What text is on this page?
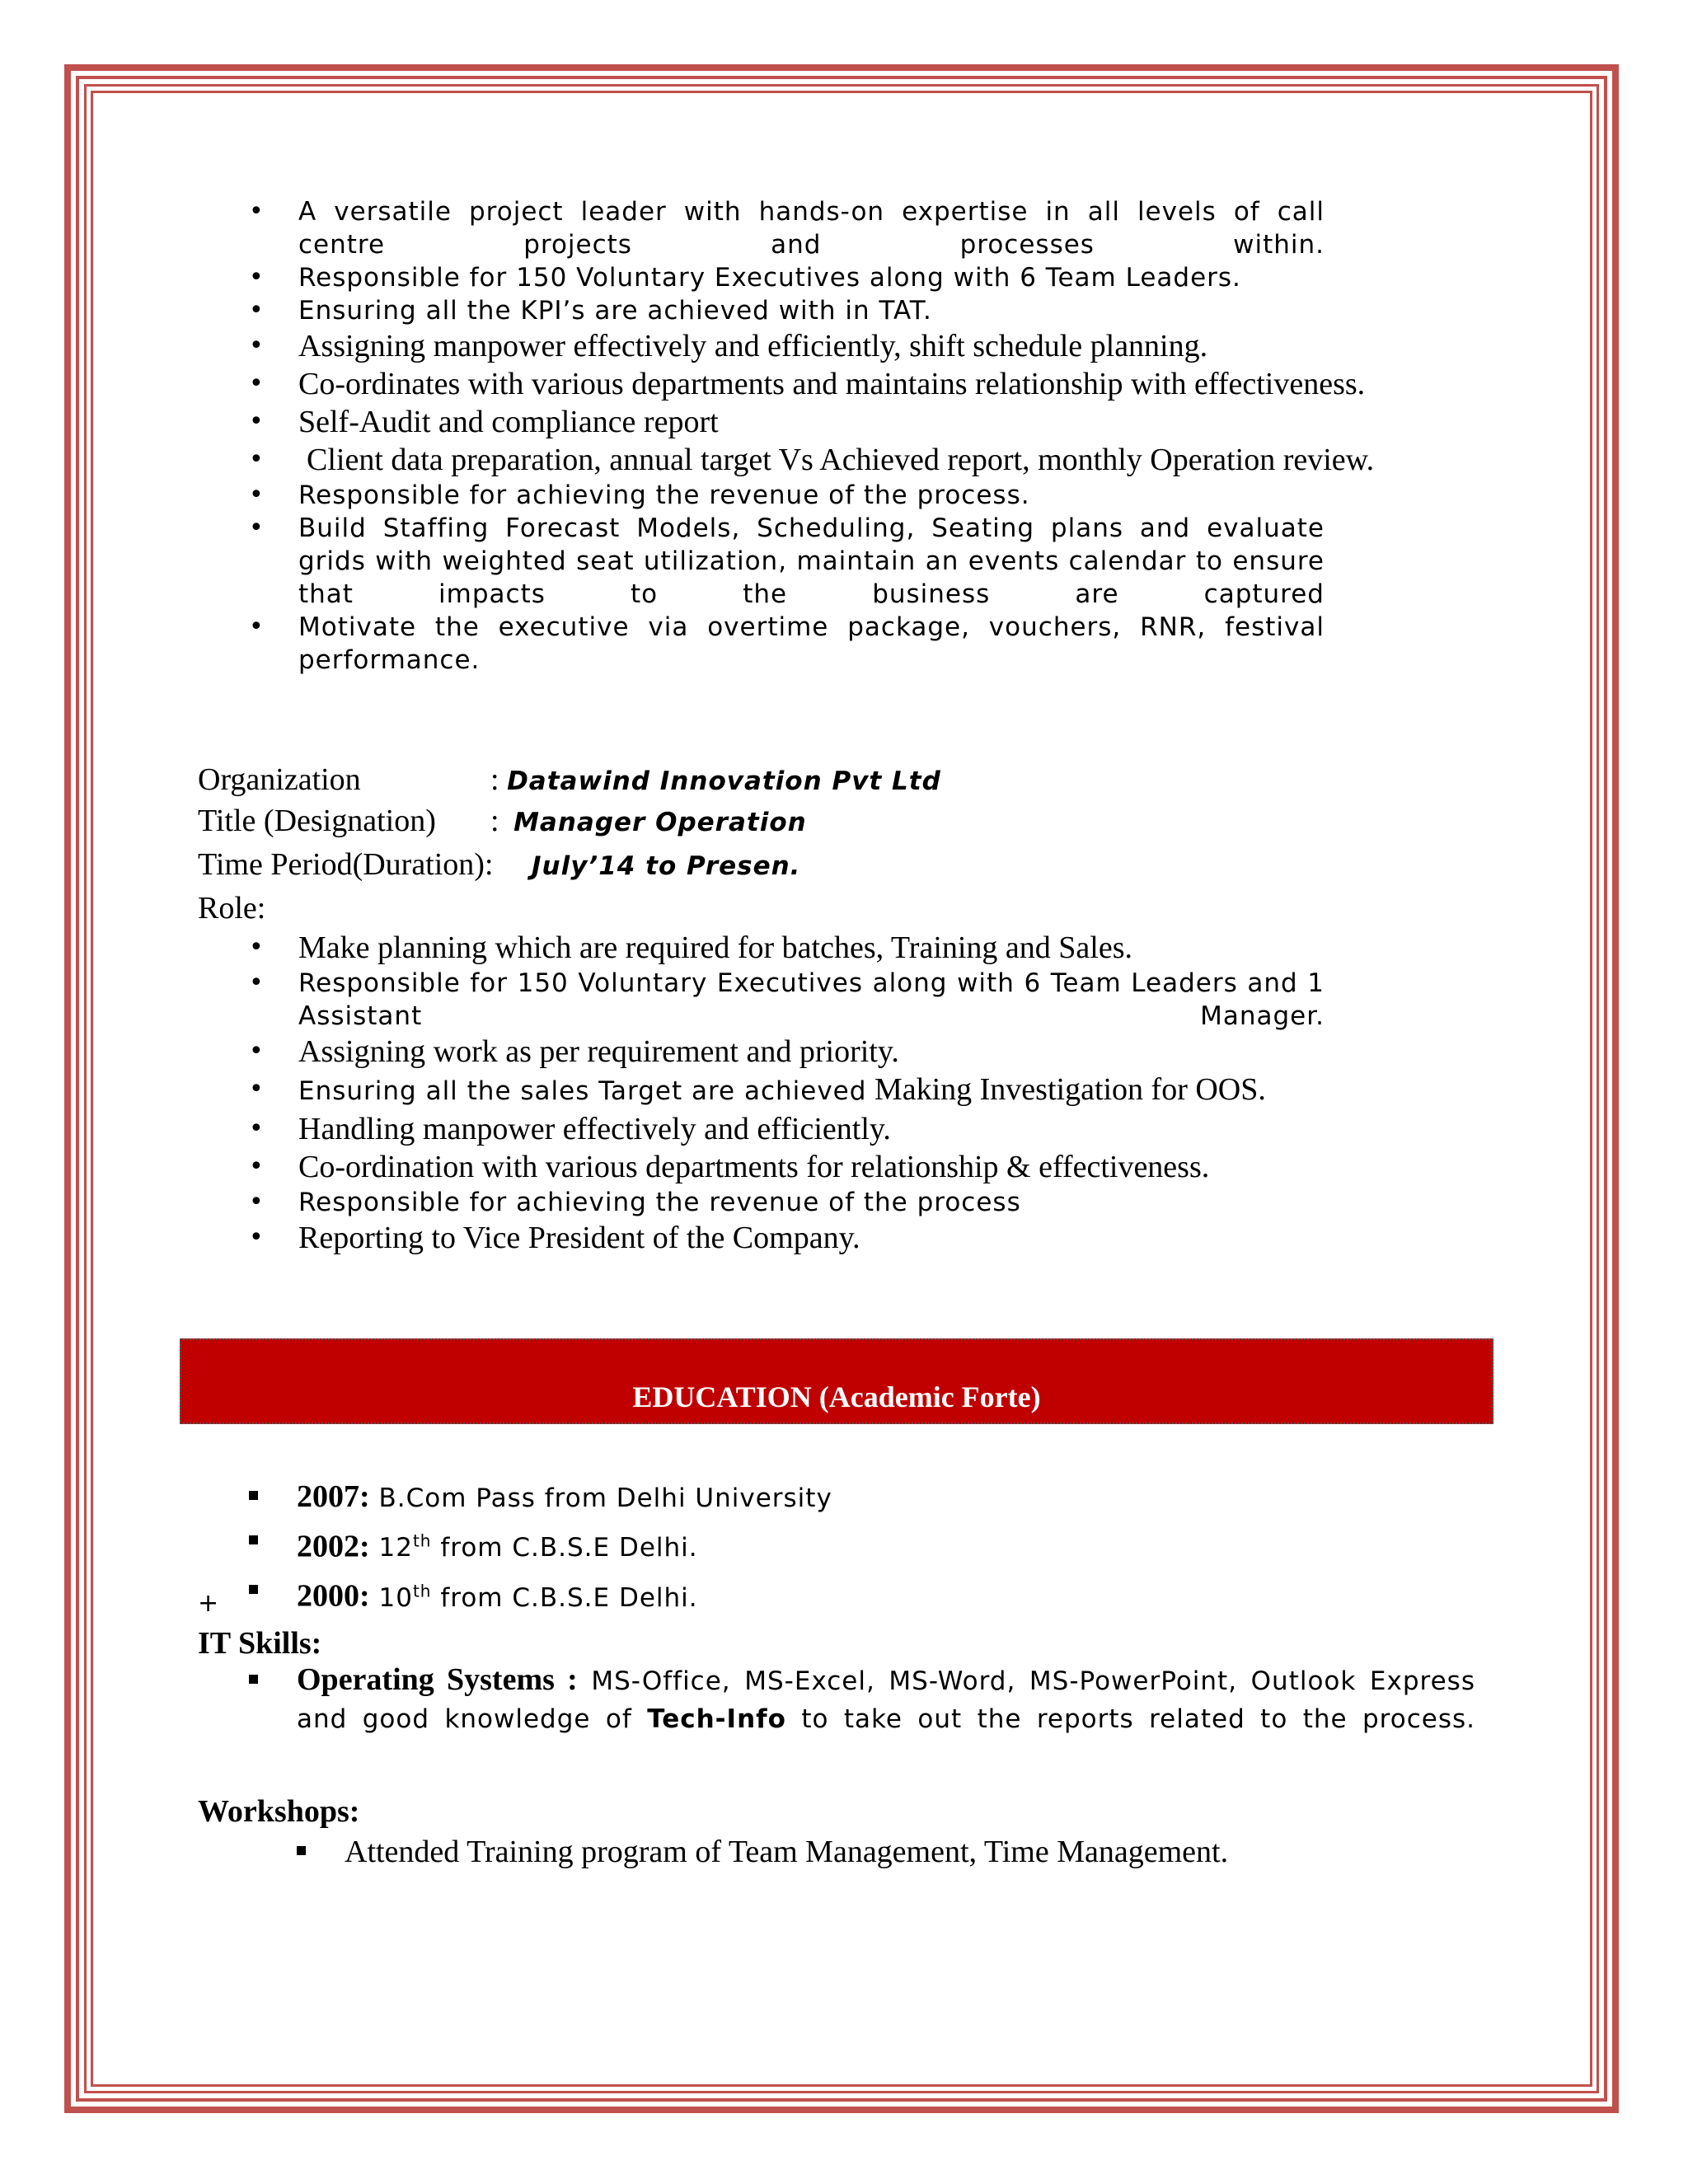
• A versatile project leader with hands-on expertise in all levels of call centre projects and processes within.
• Responsible for 150 Voluntary Executives along with 6 Team Leaders.
• Ensuring all the KPI’s are achieved with in TAT.
• Assigning manpower effectively and efficiently, shift schedule planning.
• Co-ordinates with various departments and maintains relationship with effectiveness.
• Self-Audit and compliance report
• Client data preparation, annual target Vs Achieved report, monthly Operation review.
• Responsible for achieving the revenue of the process.
• Build Staffing Forecast Models, Scheduling, Seating plans and evaluate grids with weighted seat utilization, maintain an events calendar to ensure that impacts to the business are captured
• Motivate the executive via overtime package, vouchers, RNR, festival performance.
Organization	: Datawind Innovation Pvt Ltd
Title (Designation) : Manager Operation
Time Period(Duration): July’14 to Presen.
Role:
• Make planning which are required for batches, Training and Sales.
• Responsible for 150 Voluntary Executives along with 6 Team Leaders and 1 Assistant Manager.
• Assigning work as per requirement and priority.
• Ensuring all the sales Target are achieved Making Investigation for OOS.
• Handling manpower effectively and efficiently.
• Co-ordination with various departments for relationship & effectiveness.
• Responsible for achieving the revenue of the process
• Reporting to Vice President of the Company.
EDUCATION (Academic Forte)
2007: B.Com Pass from Delhi University
2002: 12th from C.B.S.E Delhi.
2000: 10th from C.B.S.E Delhi.
+
IT Skills:
Operating Systems : MS-Office, MS-Excel, MS-Word, MS-PowerPoint, Outlook Express and good knowledge of Tech-Info to take out the reports related to the process.
Workshops:
Attended Training program of Team Management, Time Management.
